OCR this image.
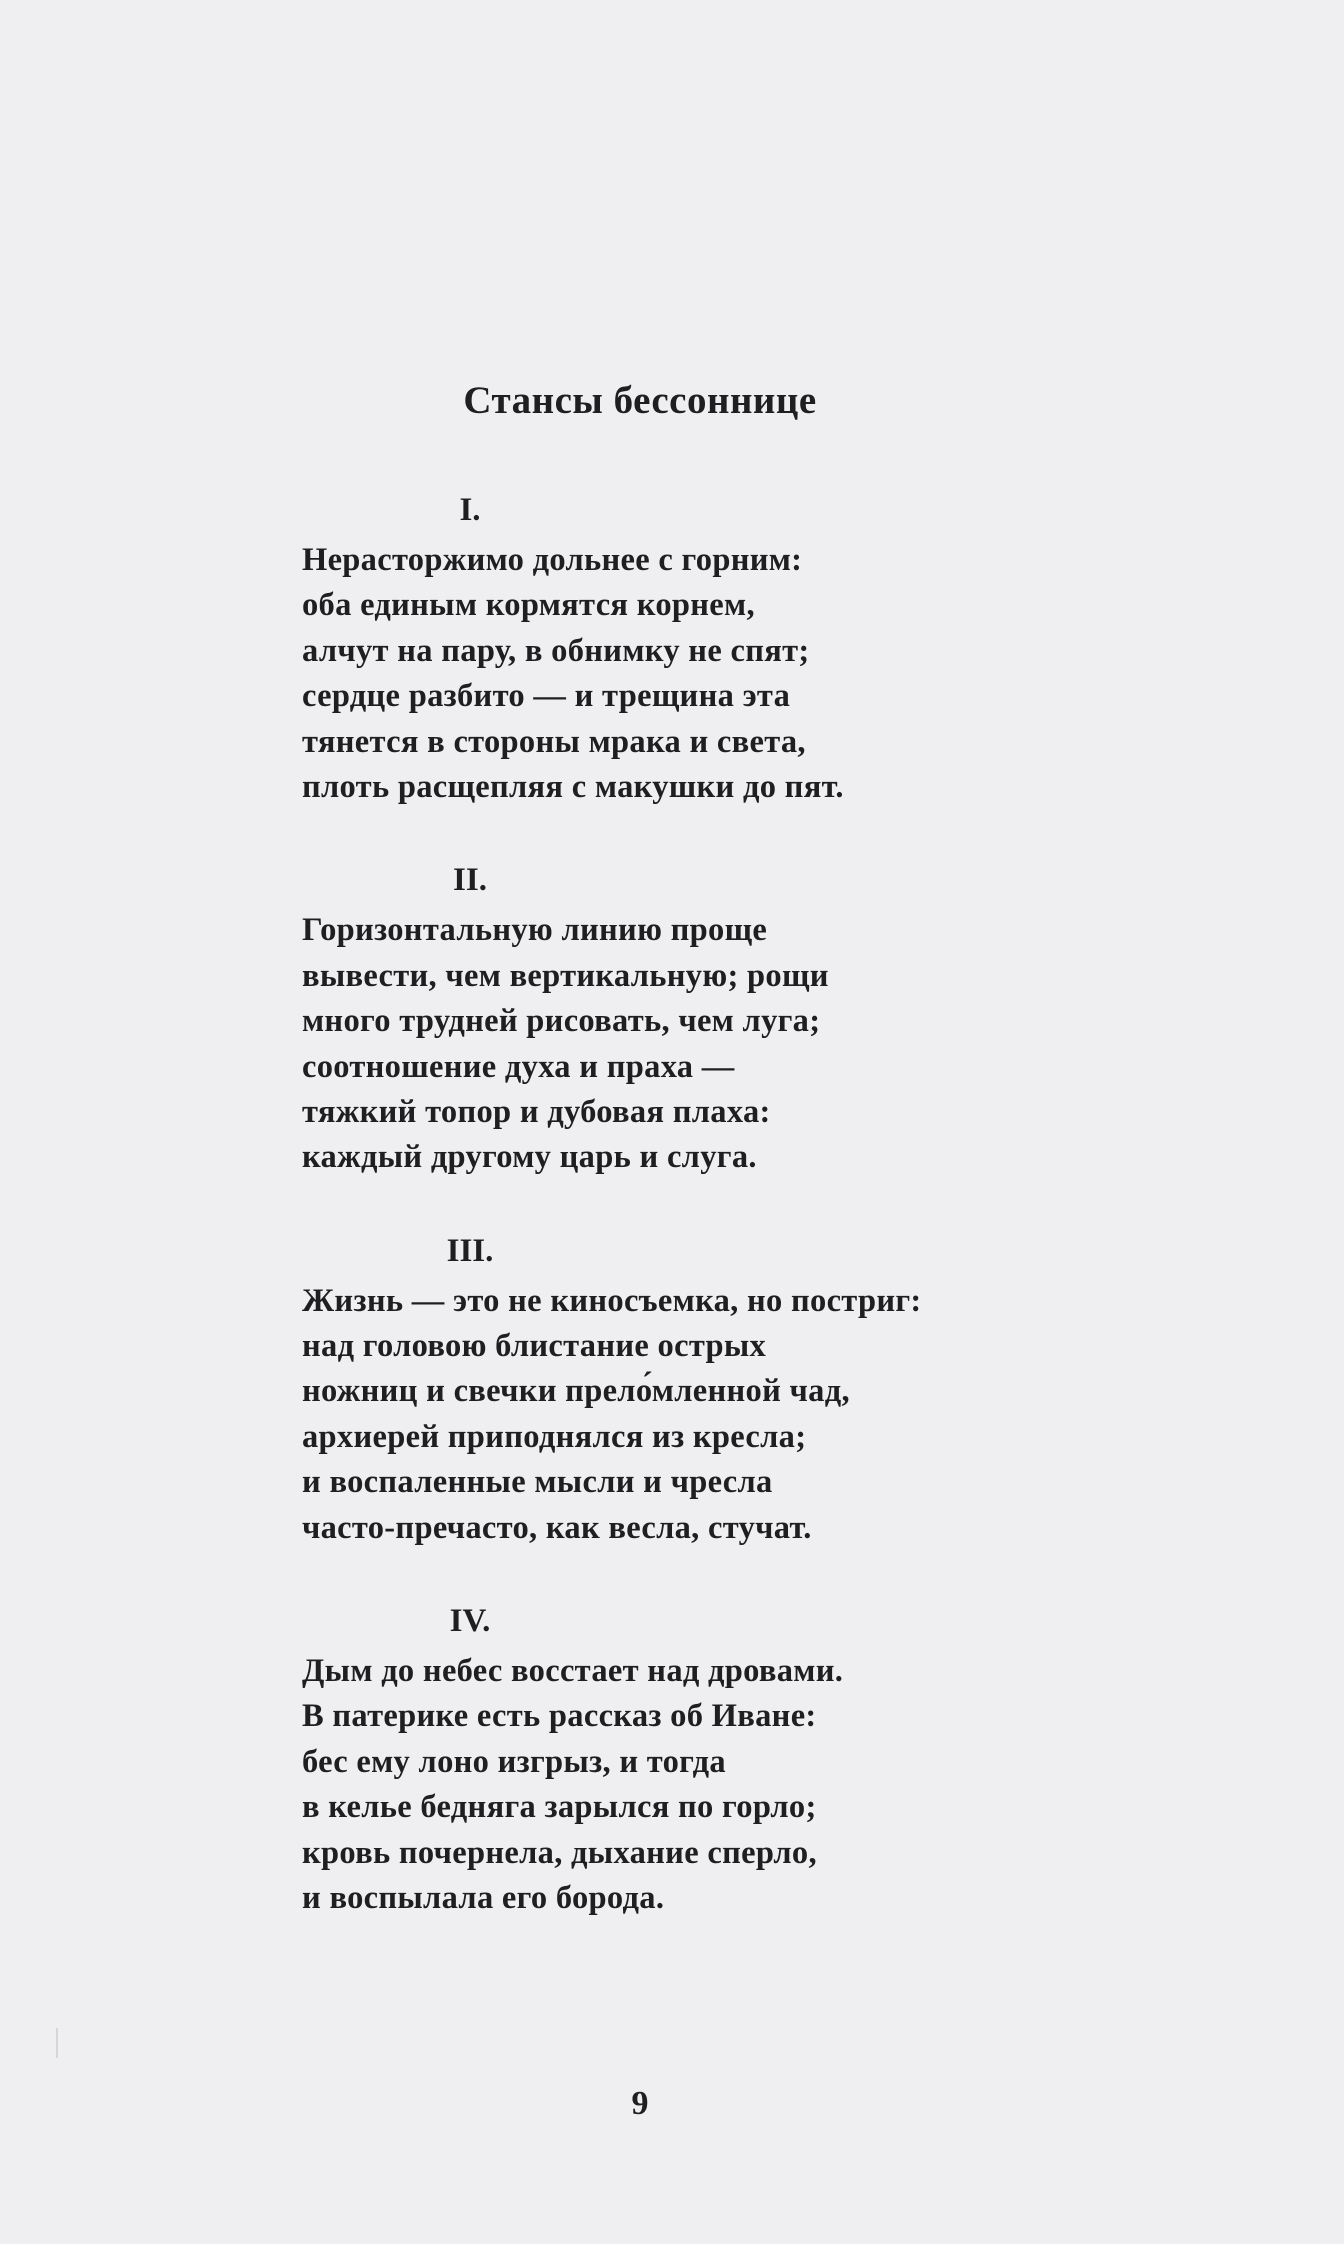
Стансы бессоннице
I.
Нерасторжимо дольнее с горним:
оба единым кормятся корнем,
алчут на пару, в обнимку не спят;
сердце разбито — и трещина эта
тянется в стороны мрака и света,
плоть расщепляя с макушки до пят.
II.
Горизонтальную линию проще
вывести, чем вертикальную; рощи
много трудней рисовать, чем луга;
соотношение духа и праха —
тяжкий топор и дубовая плаха:
каждый другому царь и слуга.
III.
Жизнь — это не киносъемка, но постриг:
над головою блистание острых
ножниц и свечки прело́мленной чад,
архиерей приподнялся из кресла;
и воспаленные мысли и чресла
часто-пречасто, как весла, стучат.
IV.
Дым до небес восстает над дровами.
В патерике есть рассказ об Иване:
бес ему лоно изгрыз, и тогда
в келье бедняга зарылся по горло;
кровь почернела, дыхание сперло,
и воспылала его борода.
9
